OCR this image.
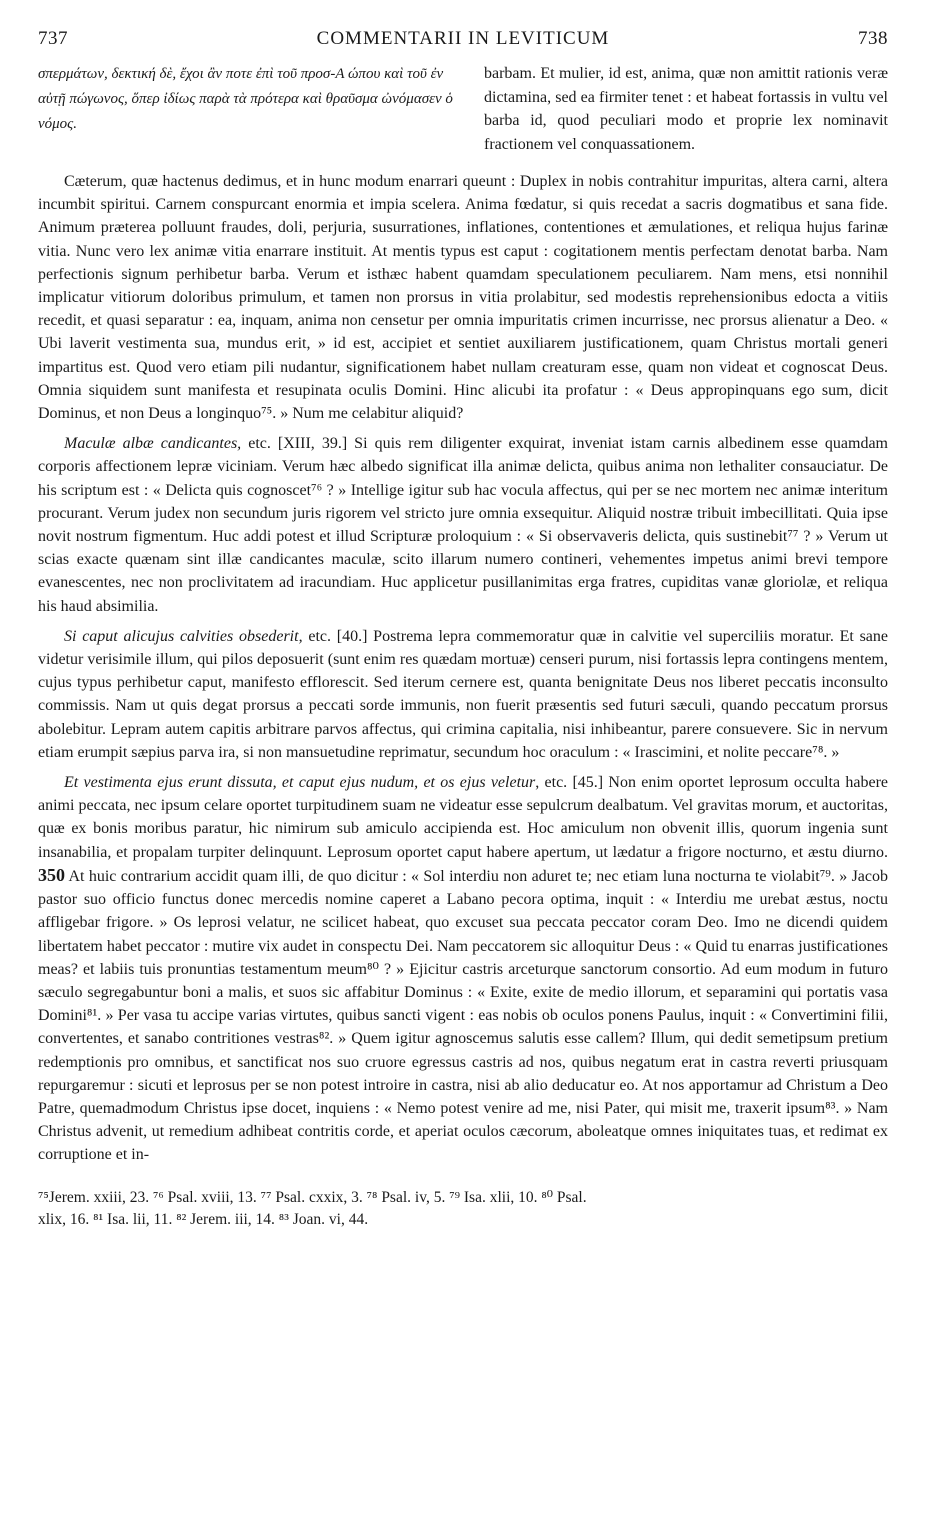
737	COMMENTARII IN LEVITICUM	738
σπερμάτων, δεκτική δὲ, ἔχοι ἂν ποτε ἐπὶ τοῦ προσ-A ώπου καὶ τοῦ ἐν αὐτῇ πώγωνος, ὅπερ ἰδίως παρὰ τὰ πρότερα καὶ θραῦσμα ὠνόμασεν ὁ νόμος.
barbam. Et mulier, id est, anima, quæ non amittit rationis veræ dictamina, sed ea firmiter tenet : et habeat fortassis in vultu vel barba id, quod peculiari modo et proprie lex nominavit fractionem vel conquassationem.

Cæterum, quæ hactenus dedimus, et in hunc modum enarrari queunt : Duplex in nobis contrahitur impuritas, altera carni, altera incumbit spiritui. Carnem conspurcant enormia et impia scelera. Anima fœdatur, si quis recedat a sacris dogmatibus et sana fide. Animum præterea polluunt fraudes, doli, perjuria, susurrationes, inflationes, contentiones et æmulationes, et reliqua hujus farinæ vitia. Nunc vero lex animæ vitia enarrare instituit. At mentis typus est caput : cogitationem mentis perfectam denotat barba. Nam perfectionis signum perhibetur barba. Verum et isthæc habent quamdam speculationem peculiarem. Nam mens, etsi nonnihil implicatur vitiorum doloribus primulum, et tamen non prorsus in vitia prolabitur, sed modestis reprehensionibus edocta a vitiis recedit, et quasi separatur : ea, inquam, anima non censetur per omnia impuritatis crimen incurrisse, nec prorsus alienatur a Deo. « Ubi laverit vestimenta sua, mundus erit, » id est, accipiet et sentiet auxiliarem justificationem, quam Christus mortali generi impartitus est. Quod vero etiam pili nudantur, significationem habet nullam creaturam esse, quam non videat et cognoscat Deus. Omnia siquidem sunt manifesta et resupinata oculis Domini. Hinc alicubi ita profatur : « Deus appropinquans ego sum, dicit Dominus, et non Deus a longinquo⁷⁵. » Num me celabitur aliquid?

Maculæ albæ candicantes, etc. [XIII, 39.] Si quis rem diligenter exquirat, inveniat istam carnis albedinem esse quamdam corporis affectionem lepræ viciniam. Verum hæc albedo significat illa animæ delicta, quibus anima non lethaliter consauciatur. De his scriptum est : « Delicta quis cognoscet⁷⁶ ? » Intellige igitur sub hac vocula affectus, qui per se nec mortem nec animæ interitum procurant. Verum judex non secundum juris rigorem vel stricto jure omnia exsequitur. Aliquid nostræ tribuit imbecillitati. Quia ipse novit nostrum figmentum. Huc addi potest et illud Scripturæ proloquium : « Si observaveris delicta, quis sustinebit⁷⁷ ? » Verum ut scias exacte quænam sint illæ candicantes maculæ, scito illarum numero contineri, vehementes impetus animi brevi tempore evanescentes, nec non proclivitatem ad iracundiam. Huc applicetur pusillanimitas erga fratres, cupiditas vanæ gloriolæ, et reliqua his haud absimilia.

Si caput alicujus calvities obsederit, etc. [40.] Postrema lepra commemoratur quæ in calvitie vel superciliis moratur. Et sane videtur verisimile illum, qui pilos deposuerit (sunt enim res quædam mortuæ) censeri purum, nisi fortassis lepra contingens mentem, cujus typus perhibetur caput, manifesto efflorescit. Sed iterum cernere est, quanta benignitate Deus nos liberet peccatis inconsulto commissis. Nam ut quis degat prorsus a peccati sorde immunis, non fuerit præsentis sed futuri sæculi, quando peccatum prorsus abolebitur. Lepram autem capitis arbitrare parvos affectus, qui crimina capitalia, nisi inhibeantur, parere consuevere. Sic in nervum etiam erumpit sæpius parva ira, si non mansuetudine reprimatur, secundum hoc oraculum : « Irascimini, et nolite peccare⁷⁸. »

Et vestimenta ejus erunt dissuta, et caput ejus nudum, et os ejus veletur, etc. [45.] Non enim oportet leprosum occulta habere animi peccata, nec ipsum celare oportet turpitudinem suam ne videatur esse sepulcrum dealbatum. Vel gravitas morum, et auctoritas, quæ ex bonis moribus paratur, hic nimirum sub amiculo accipienda est. Hoc amiculum non obvenit illis, quorum ingenia sunt insanabilia, et propalam turpiter delinquunt. Leprosum oportet caput habere apertum, ut lædatur a frigore nocturno, et æstu diurno. 350 At huic contrarium accidit quam illi, de quo dicitur : « Sol interdiu non aduret te; nec etiam luna nocturna te violabit⁷⁹. » Jacob pastor suo officio functus donec mercedis nomine caperet a Labano pecora optima, inquit : « Interdiu me urebat æstus, noctu affligebar frigore. » Os leprosi velatur, ne scilicet habeat, quo excuset sua peccata peccator coram Deo. Imo ne dicendi quidem libertatem habet peccator : mutire vix audet in conspectu Dei. Nam peccatorem sic alloquitur Deus : « Quid tu enarras justificationes meas? et labiis tuis pronuntias testamentum meum⁸⁰ ? » Ejicitur castris arceturque sanctorum consortio. Ad eum modum in futuro sæculo segregabuntur boni a malis, et suos sic affabitur Dominus : « Exite, exite de medio illorum, et separamini qui portatis vasa Domini⁸¹. » Per vasa tu accipe varias virtutes, quibus sancti vigent : eas nobis ob oculos ponens Paulus, inquit : « Convertimini filii, convertentes, et sanabo contritiones vestras⁸². » Quem igitur agnoscemus salutis esse callem? Illum, qui dedit semetipsum pretium redemptionis pro omnibus, et sanctificat nos suo cruore egressus castris ad nos, quibus negatum erat in castra reverti priusquam repurgaremur : sicuti et leprosus per se non potest introire in castra, nisi ab alio deducatur eo. At nos apportamur ad Christum a Deo Patre, quemadmodum Christus ipse docet, inquiens : « Nemo potest venire ad me, nisi Pater, qui misit me, traxerit ipsum⁸³. » Nam Christus advenit, ut remedium adhibeat contritis corde, et aperiat oculos cæcorum, aboleatque omnes iniquitates tuas, et redimat ex corruptione et in-

⁷⁵Jerem. xxiii, 23. ⁷⁶ Psal. xviii, 13. ⁷⁷ Psal. cxxix, 3. ⁷⁸ Psal. iv, 5. ⁷⁹ Isa. xlii, 10. ⁸⁰ Psal.
xlix, 16. ⁸¹ Isa. lii, 11. ⁸² Jerem. iii, 14. ⁸³ Joan. vi, 44.
